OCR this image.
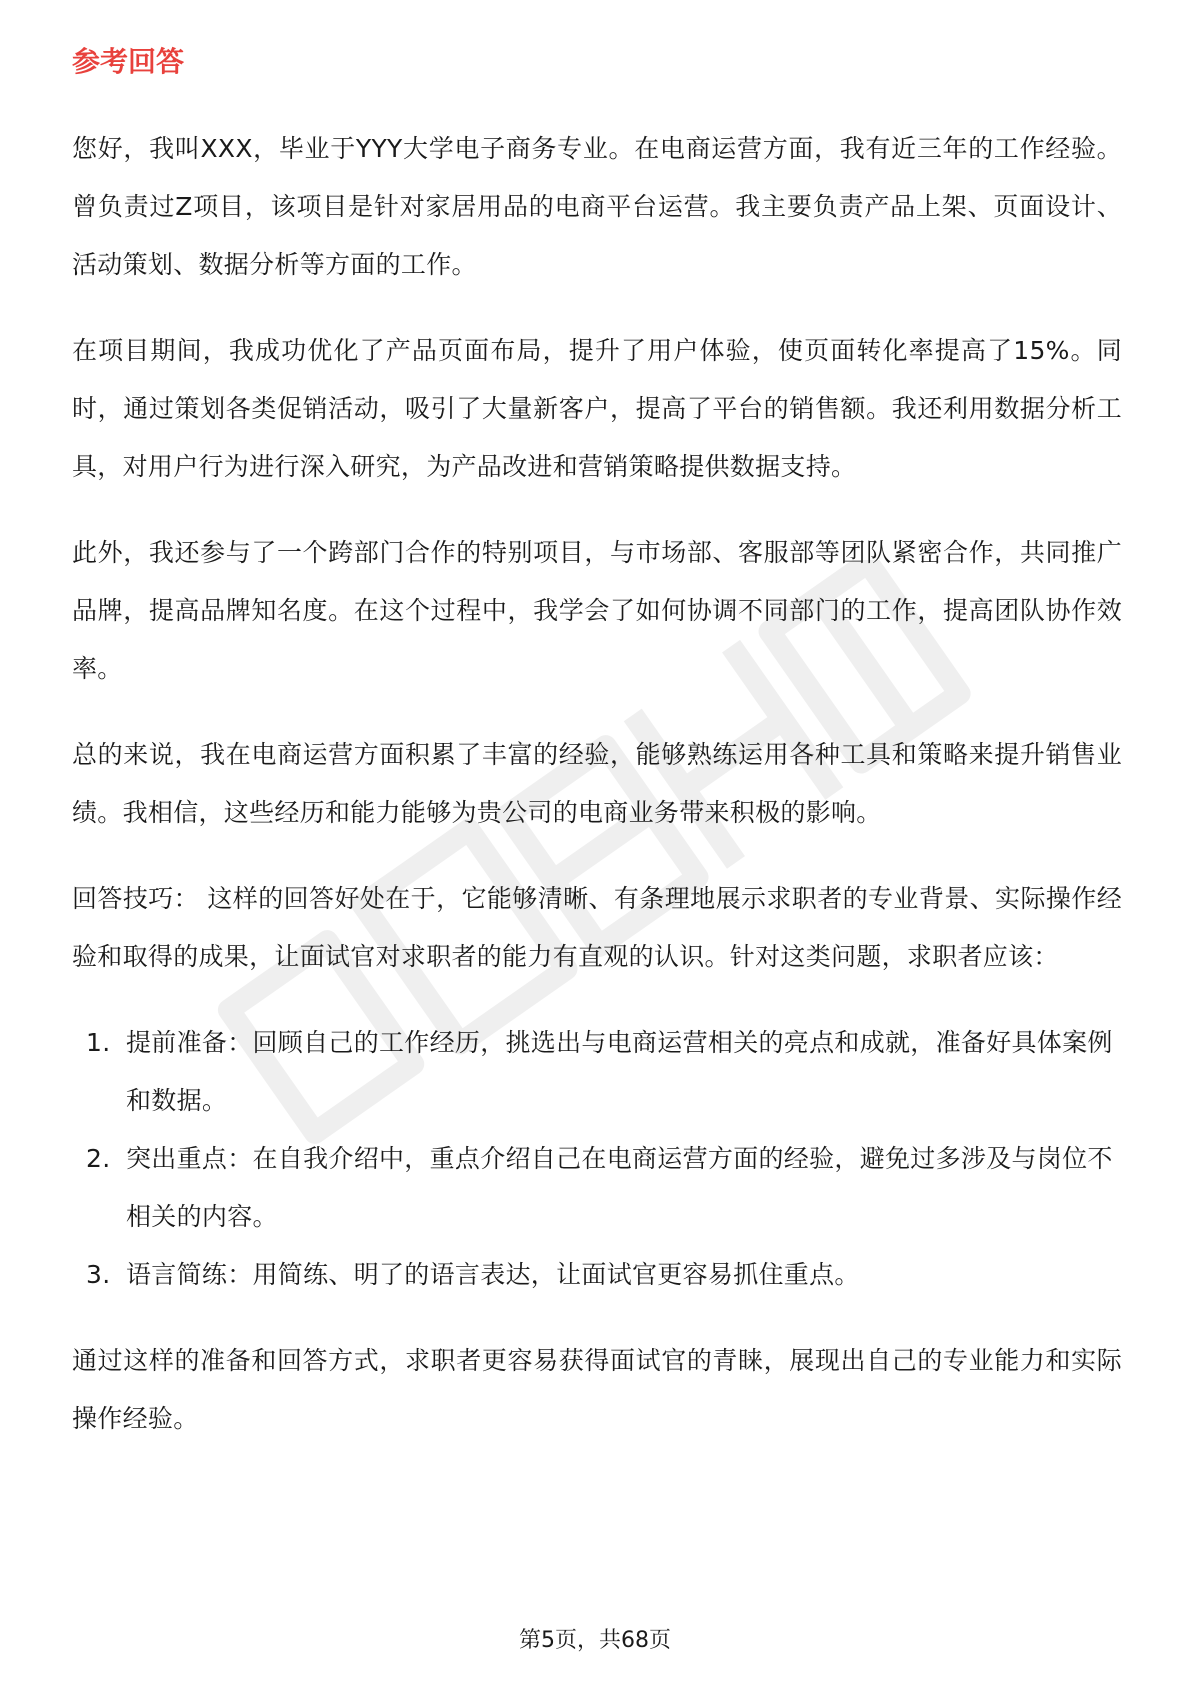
参考回答

您好，我叫XXX，毕业于YYY大学电子商务专业。在电商运营方面，我有近三年的工作经验。曾负责过Z项目，该项目是针对家居用品的电商平台运营。我主要负责产品上架、页面设计、活动策划、数据分析等方面的工作。

在项目期间，我成功优化了产品页面布局，提升了用户体验，使页面转化率提高了15%。同时，通过策划各类促销活动，吸引了大量新客户，提高了平台的销售额。我还利用数据分析工具，对用户行为进行深入研究，为产品改进和营销策略提供数据支持。

此外，我还参与了一个跨部门合作的特别项目，与市场部、客服部等团队紧密合作，共同推广品牌，提高品牌知名度。在这个过程中，我学会了如何协调不同部门的工作，提高团队协作效率。

总的来说，我在电商运营方面积累了丰富的经验，能够熟练运用各种工具和策略来提升销售业绩。我相信，这些经历和能力能够为贵公司的电商业务带来积极的影响。

回答技巧： 这样的回答好处在于，它能够清晰、有条理地展示求职者的专业背景、实际操作经验和取得的成果，让面试官对求职者的能力有直观的认识。针对这类问题，求职者应该：

1. 提前准备：回顾自己的工作经历，挑选出与电商运营相关的亮点和成就，准备好具体案例和数据。
2. 突出重点：在自我介绍中，重点介绍自己在电商运营方面的经验，避免过多涉及与岗位不相关的内容。
3. 语言简练：用简练、明了的语言表达，让面试官更容易抓住重点。

通过这样的准备和回答方式，求职者更容易获得面试官的青睐，展现出自己的专业能力和实际操作经验。

第5页，共68页
